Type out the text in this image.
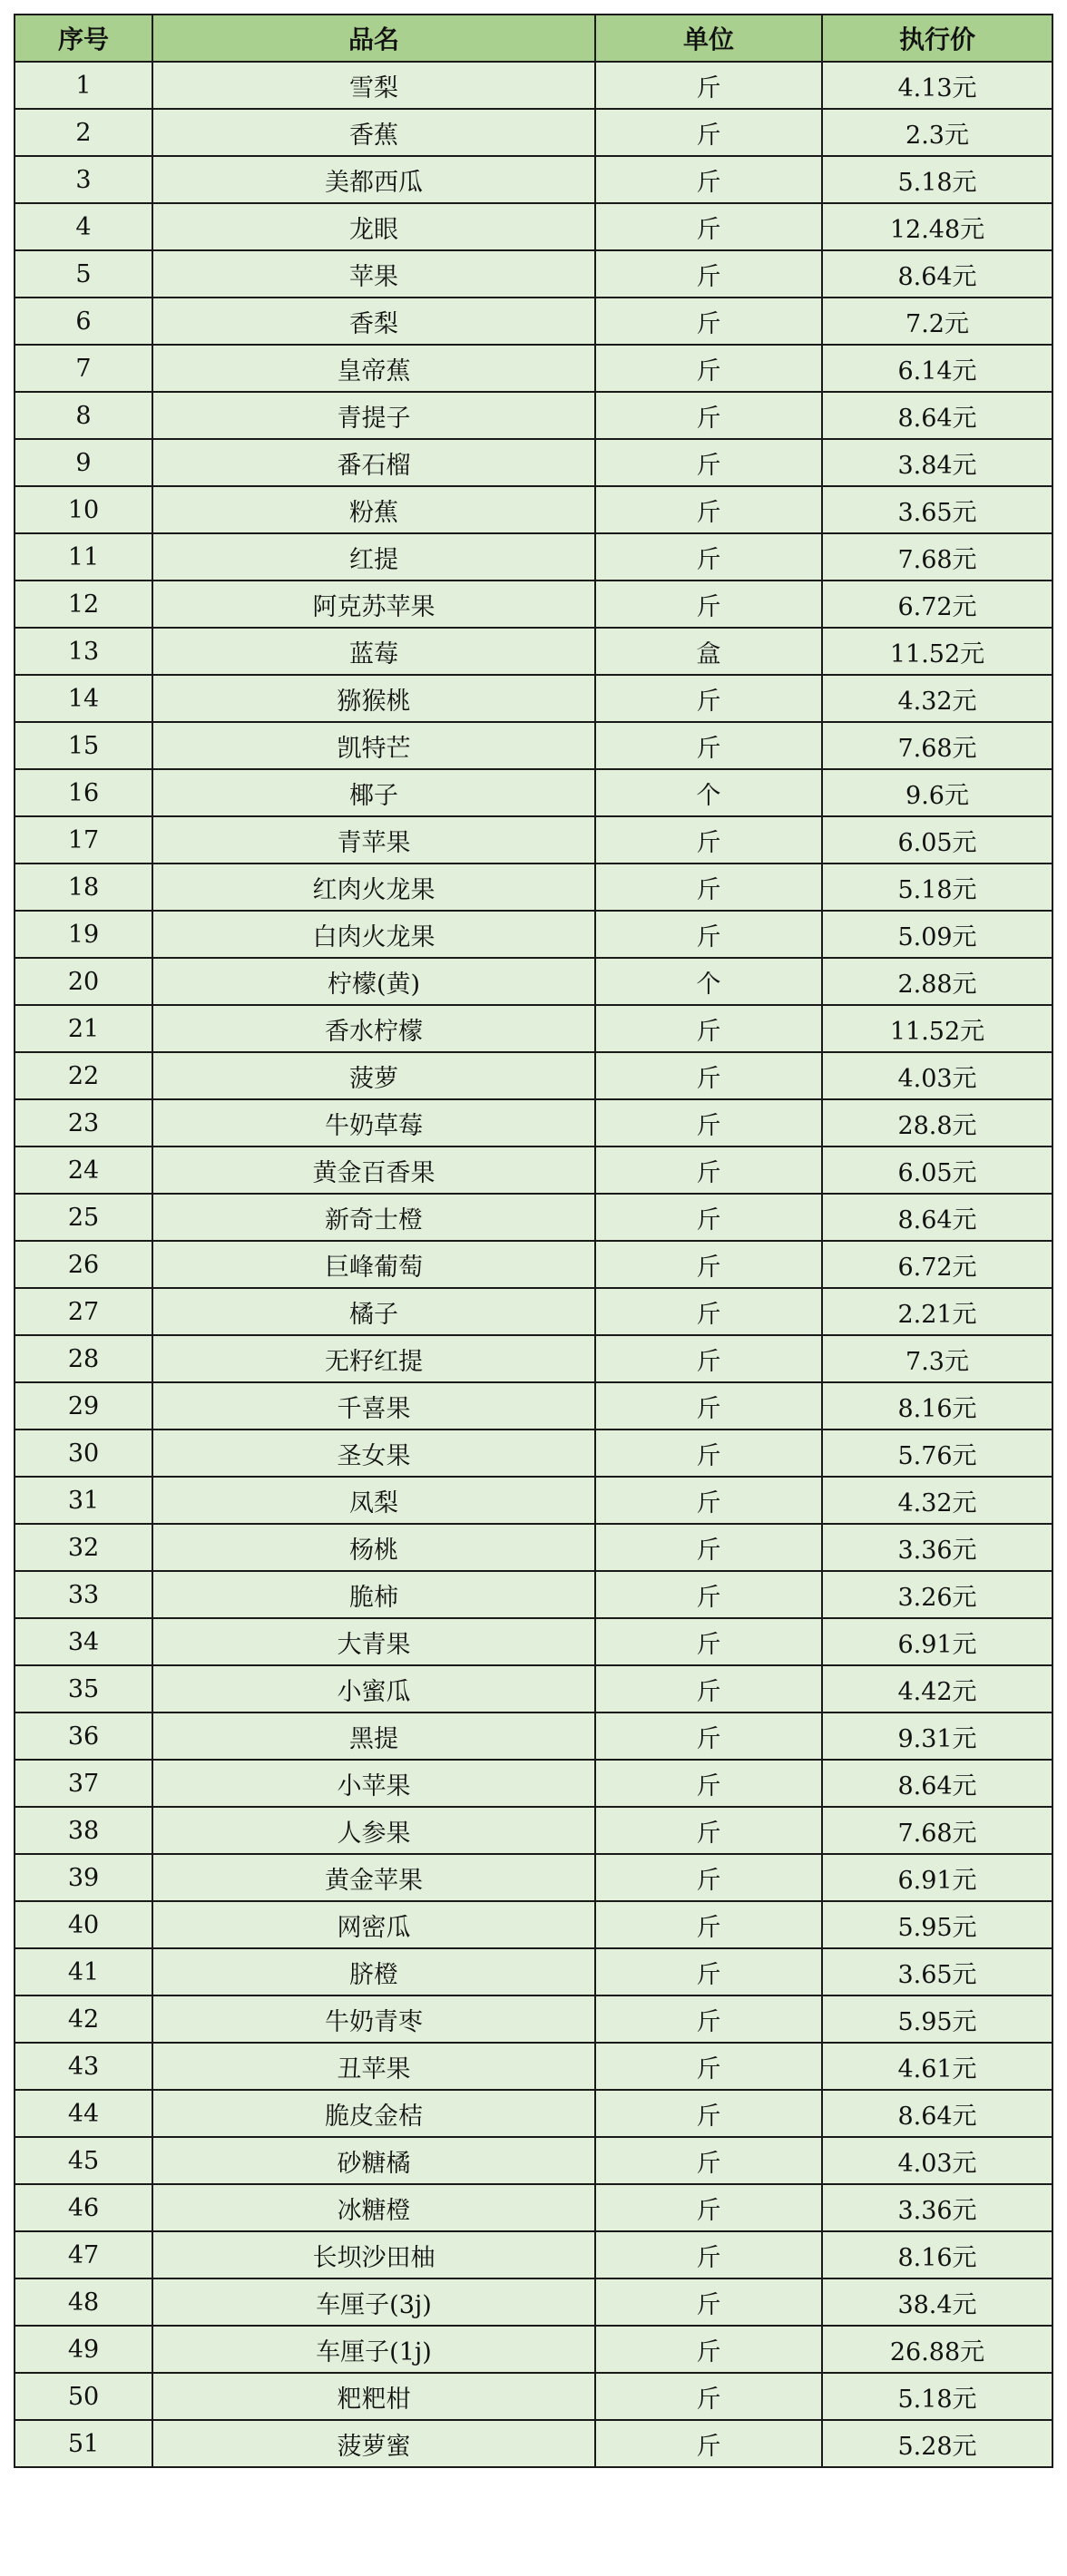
序号	品名	单位	执行价
1	雪梨	斤	4.13元
2	香蕉	斤	2.3元
3	美都西瓜	斤	5.18元
4	龙眼	斤	12.48元
5	苹果	斤	8.64元
6	香梨	斤	7.2元
7	皇帝蕉	斤	6.14元
8	青提子	斤	8.64元
9	番石榴	斤	3.84元
10	粉蕉	斤	3.65元
11	红提	斤	7.68元
12	阿克苏苹果	斤	6.72元
13	蓝莓	盒	11.52元
14	猕猴桃	斤	4.32元
15	凯特芒	斤	7.68元
16	椰子	个	9.6元
17	青苹果	斤	6.05元
18	红肉火龙果	斤	5.18元
19	白肉火龙果	斤	5.09元
20	柠檬(黄)	个	2.88元
21	香水柠檬	斤	11.52元
22	菠萝	斤	4.03元
23	牛奶草莓	斤	28.8元
24	黄金百香果	斤	6.05元
25	新奇士橙	斤	8.64元
26	巨峰葡萄	斤	6.72元
27	橘子	斤	2.21元
28	无籽红提	斤	7.3元
29	千喜果	斤	8.16元
30	圣女果	斤	5.76元
31	凤梨	斤	4.32元
32	杨桃	斤	3.36元
33	脆柿	斤	3.26元
34	大青果	斤	6.91元
35	小蜜瓜	斤	4.42元
36	黑提	斤	9.31元
37	小苹果	斤	8.64元
38	人参果	斤	7.68元
39	黄金苹果	斤	6.91元
40	网密瓜	斤	5.95元
41	脐橙	斤	3.65元
42	牛奶青枣	斤	5.95元
43	丑苹果	斤	4.61元
44	脆皮金桔	斤	8.64元
45	砂糖橘	斤	4.03元
46	冰糖橙	斤	3.36元
47	长坝沙田柚	斤	8.16元
48	车厘子(3j)	斤	38.4元
49	车厘子(1j)	斤	26.88元
50	粑粑柑	斤	5.18元
51	菠萝蜜	斤	5.28元
